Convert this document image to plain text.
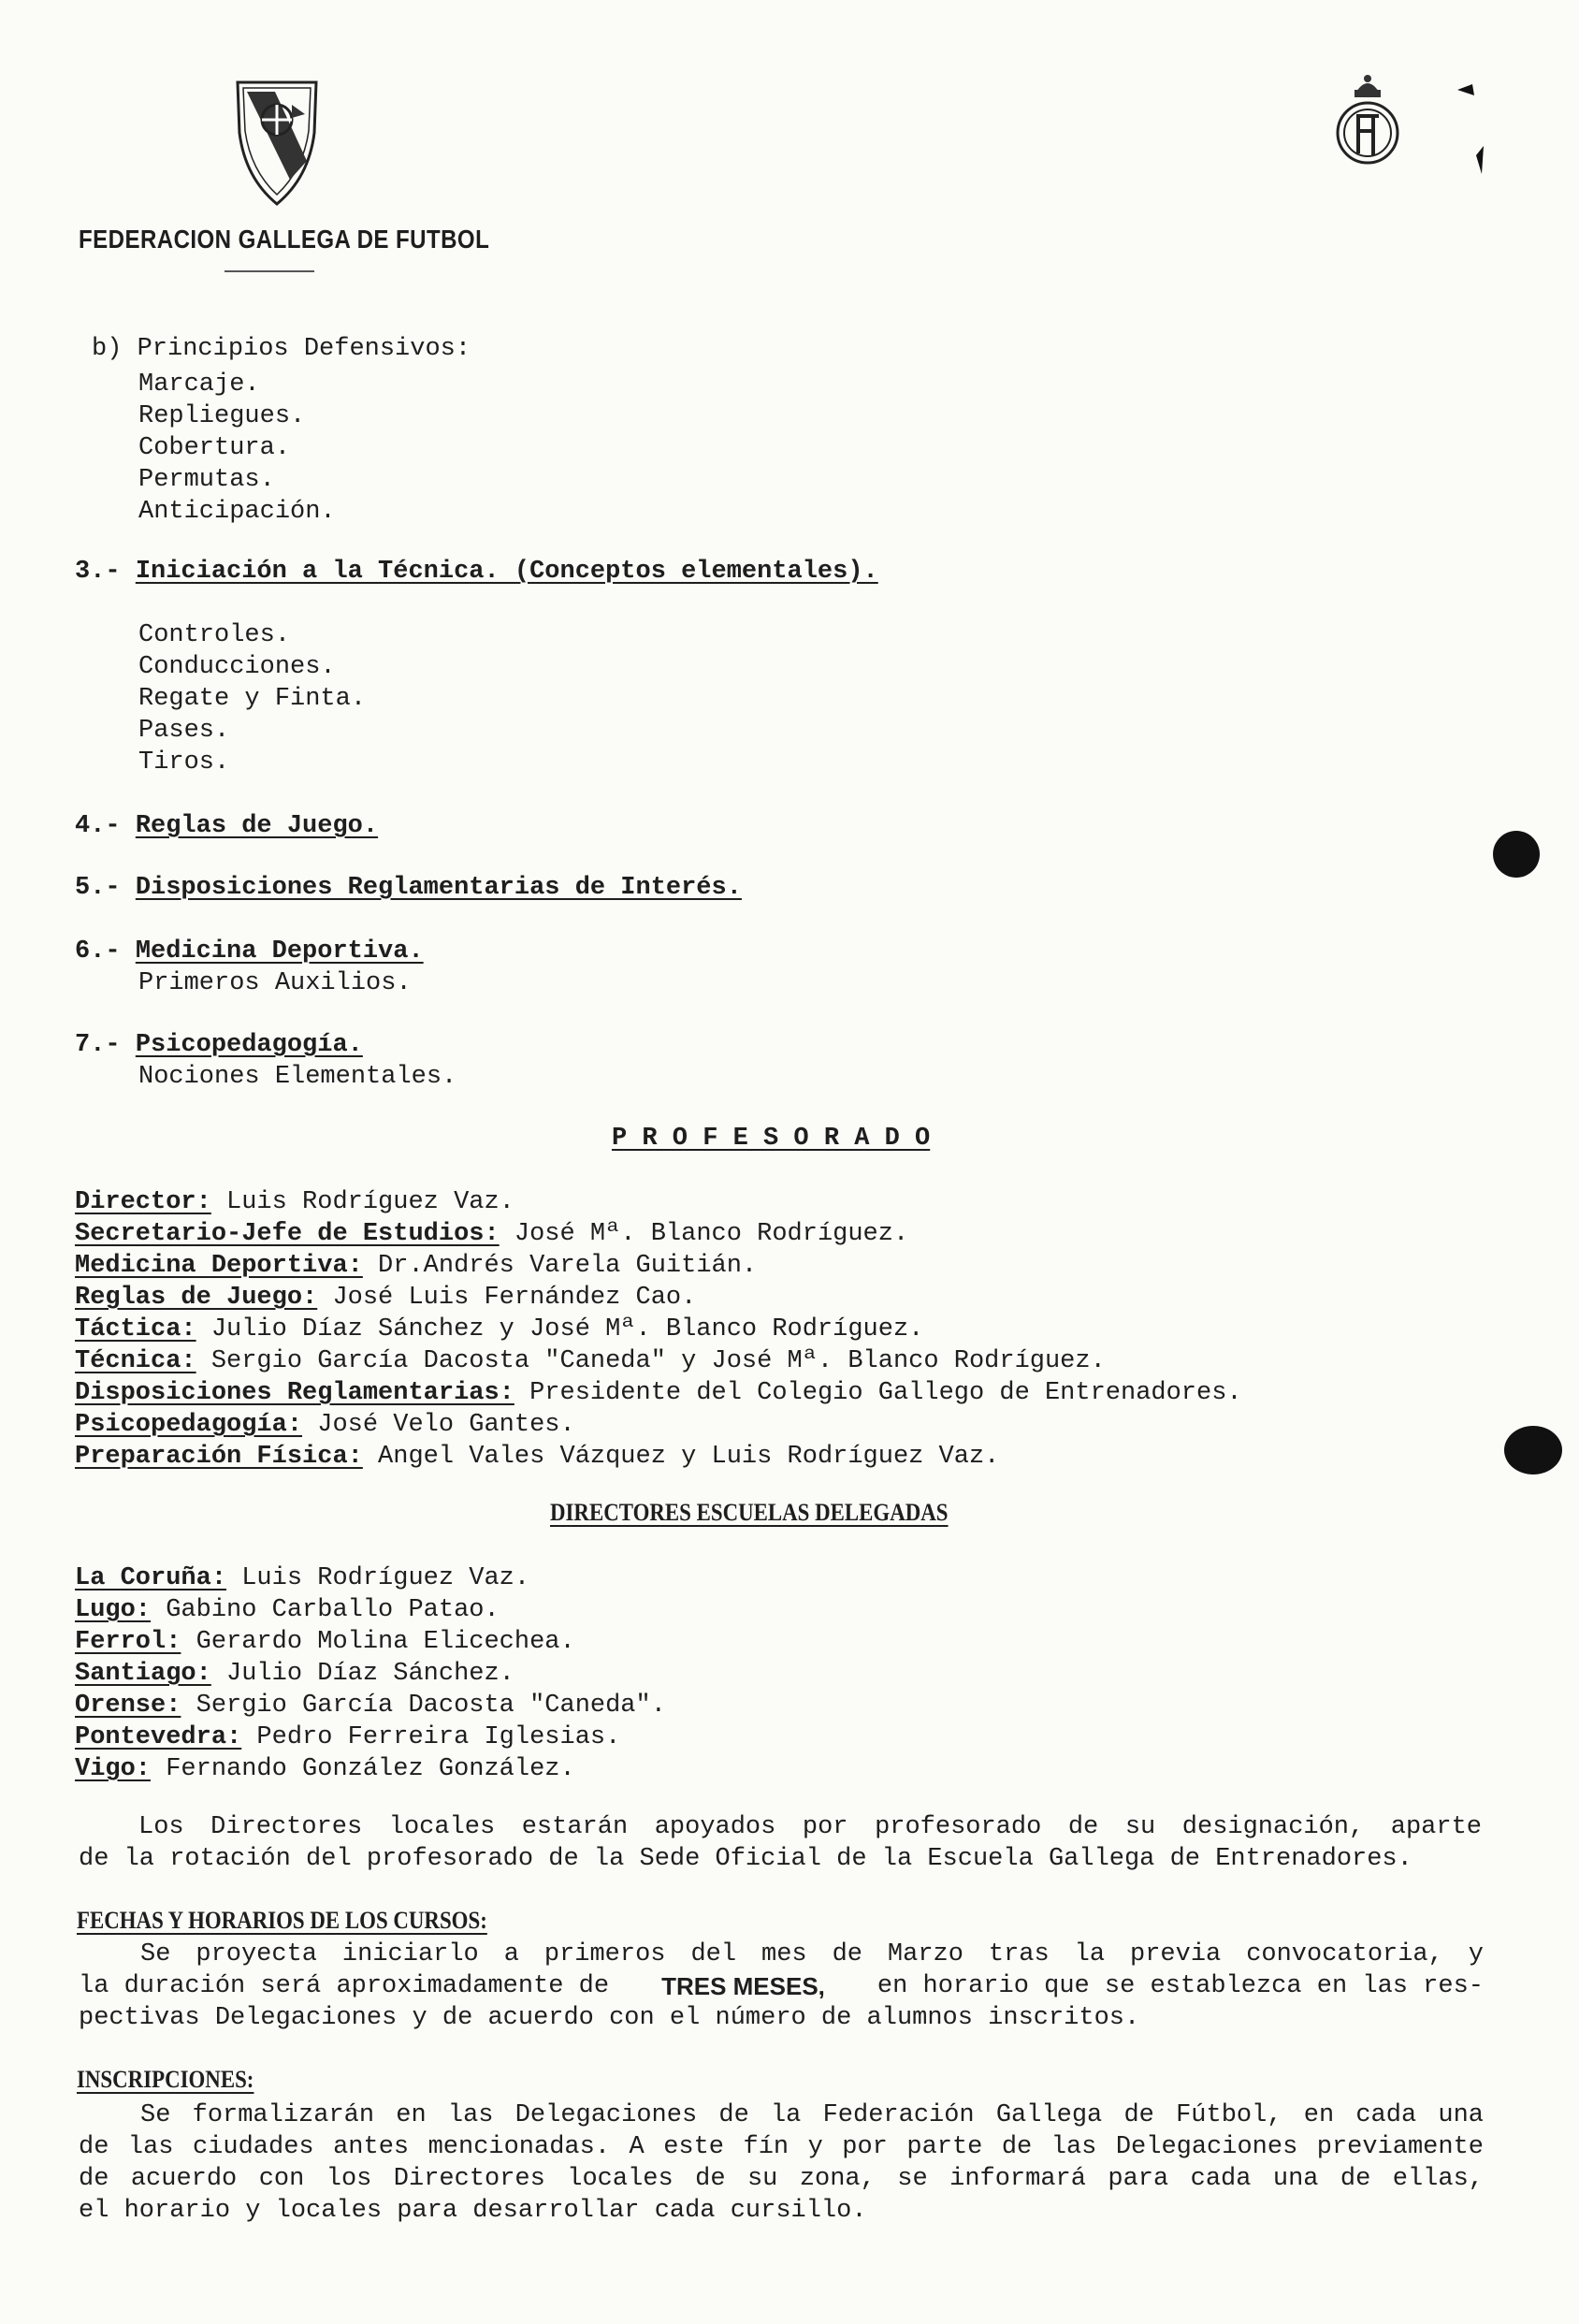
FEDERACION GALLEGA DE FUTBOL
b) Principios Defensivos:
Marcaje.
Repliegues.
Cobertura.
Permutas.
Anticipación.
3.- Iniciación a la Técnica. (Conceptos elementales).
Controles.
Conducciones.
Regate y Finta.
Pases.
Tiros.
4.- Reglas de Juego.
5.- Disposiciones Reglamentarias de Interés.
6.- Medicina Deportiva.
Primeros Auxilios.
7.- Psicopedagogía.
Nociones Elementales.
P R O F E S O R A D O
Director: Luis Rodríguez Vaz.
Secretario-Jefe de Estudios: José Mª. Blanco Rodríguez.
Medicina Deportiva: Dr.Andrés Varela Guitián.
Reglas de Juego: José Luis Fernández Cao.
Táctica: Julio Díaz Sánchez y José Mª. Blanco Rodríguez.
Técnica: Sergio García Dacosta "Caneda" y José Mª. Blanco Rodríguez.
Disposiciones Reglamentarias: Presidente del Colegio Gallego de Entrenadores.
Psicopedagogía: José Velo Gantes.
Preparación Física: Angel Vales Vázquez y Luis Rodríguez Vaz.
DIRECTORES ESCUELAS DELEGADAS
La Coruña: Luis Rodríguez Vaz.
Lugo: Gabino Carballo Patao.
Ferrol: Gerardo Molina Elicechea.
Santiago: Julio Díaz Sánchez.
Orense: Sergio García Dacosta "Caneda".
Pontevedra: Pedro Ferreira Iglesias.
Vigo: Fernando González González.
Los Directores locales estarán apoyados por profesorado de su designación, aparte
de la rotación del profesorado de la Sede Oficial de la Escuela Gallega de Entrenadores.
FECHAS Y HORARIOS DE LOS CURSOS:
Se proyecta iniciarlo a primeros del mes de Marzo tras la previa convocatoria, y
la duración será aproximadamente de TRES MESES, en horario que se establezca en las res-
pectivas Delegaciones y de acuerdo con el número de alumnos inscritos.
INSCRIPCIONES:
Se formalizarán en las Delegaciones de la Federación Gallega de Fútbol, en cada una
de las ciudades antes mencionadas. A este fín y por parte de las Delegaciones previamente
de acuerdo con los Directores locales de su zona, se informará para cada una de ellas,
el horario y locales para desarrollar cada cursillo.
